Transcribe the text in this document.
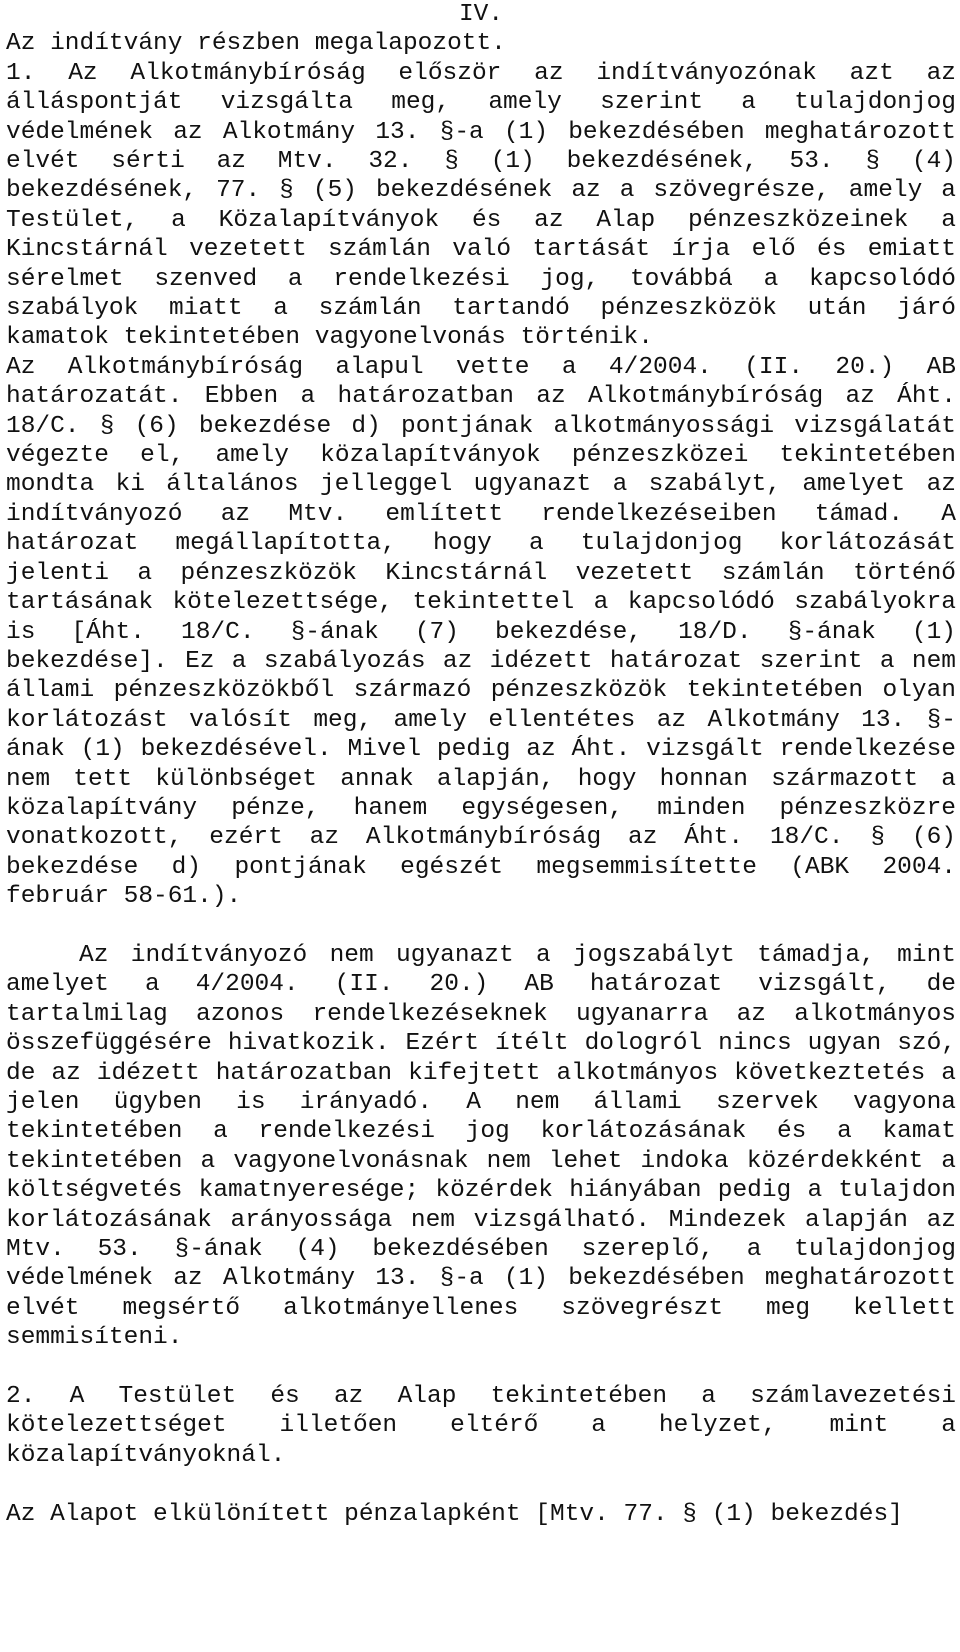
IV.
Az indítvány részben megalapozott.
1. Az Alkotmánybíróság először az indítványozónak azt az álláspontját vizsgálta meg, amely szerint a tulajdonjog védelmének az Alkotmány 13. §-a (1) bekezdésében meghatározott elvét sérti az Mtv. 32. § (1) bekezdésének, 53. § (4) bekezdésének, 77. § (5) bekezdésének az a szövegrésze, amely a Testület, a Közalapítványok és az Alap pénzeszközeinek a Kincstárnál vezetett számlán való tartását írja elő és emiatt sérelmet szenved a rendelkezési jog, továbbá a kapcsolódó szabályok miatt a számlán tartandó pénzeszközök után járó kamatok tekintetében vagyonelvonás történik.
Az Alkotmánybíróság alapul vette a 4/2004. (II. 20.) AB határozatát. Ebben a határozatban az Alkotmánybíróság az Áht. 18/C. § (6) bekezdése d) pontjának alkotmányossági vizsgálatát végezte el, amely közalapítványok pénzeszközei tekintetében mondta ki általános jelleggel ugyanazt a szabályt, amelyet az indítványozó az Mtv. említett rendelkezéseiben támad. A határozat megállapította, hogy a tulajdonjog korlátozását jelenti a pénzeszközök Kincstárnál vezetett számlán történő tartásának kötelezettsége, tekintettel a kapcsolódó szabályokra is [Áht. 18/C. §-ának (7) bekezdése, 18/D. §-ának (1) bekezdése]. Ez a szabályozás az idézett határozat szerint a nem állami pénzeszközökből származó pénzeszközök tekintetében olyan korlátozást valósít meg, amely ellentétes az Alkotmány 13. §-ának (1) bekezdésével. Mivel pedig az Áht. vizsgált rendelkezése nem tett különbséget annak alapján, hogy honnan származott a közalapítvány pénze, hanem egységesen, minden pénzeszközre vonatkozott, ezért az Alkotmánybíróság az Áht. 18/C. § (6) bekezdése d) pontjának egészét megsemmisítette (ABK 2004. február 58-61.).
Az indítványozó nem ugyanazt a jogszabályt támadja, mint amelyet a 4/2004. (II. 20.) AB határozat vizsgált, de tartalmilag azonos rendelkezéseknek ugyanarra az alkotmányos összefüggésére hivatkozik. Ezért ítélt dologról nincs ugyan szó, de az idézett határozatban kifejtett alkotmányos következtetés a jelen ügyben is irányadó. A nem állami szervek vagyona tekintetében a rendelkezési jog korlátozásának és a kamat tekintetében a vagyonelvonásnak nem lehet indoka közérdekként a költségvetés kamatnyeresége; közérdek hiányában pedig a tulajdon korlátozásának arányossága nem vizsgálható. Mindezek alapján az Mtv. 53. §-ának (4) bekezdésében szereplő, a tulajdonjog védelmének az Alkotmány 13. §-a (1) bekezdésében meghatározott elvét megsértő alkotmányellenes szövegrészt meg kellett semmisíteni.
2. A Testület és az Alap tekintetében a számlavezetési kötelezettséget illetően eltérő a helyzet, mint a közalapítványoknál.
Az Alapot elkülönített pénzalapként [Mtv. 77. § (1) bekezdés]
